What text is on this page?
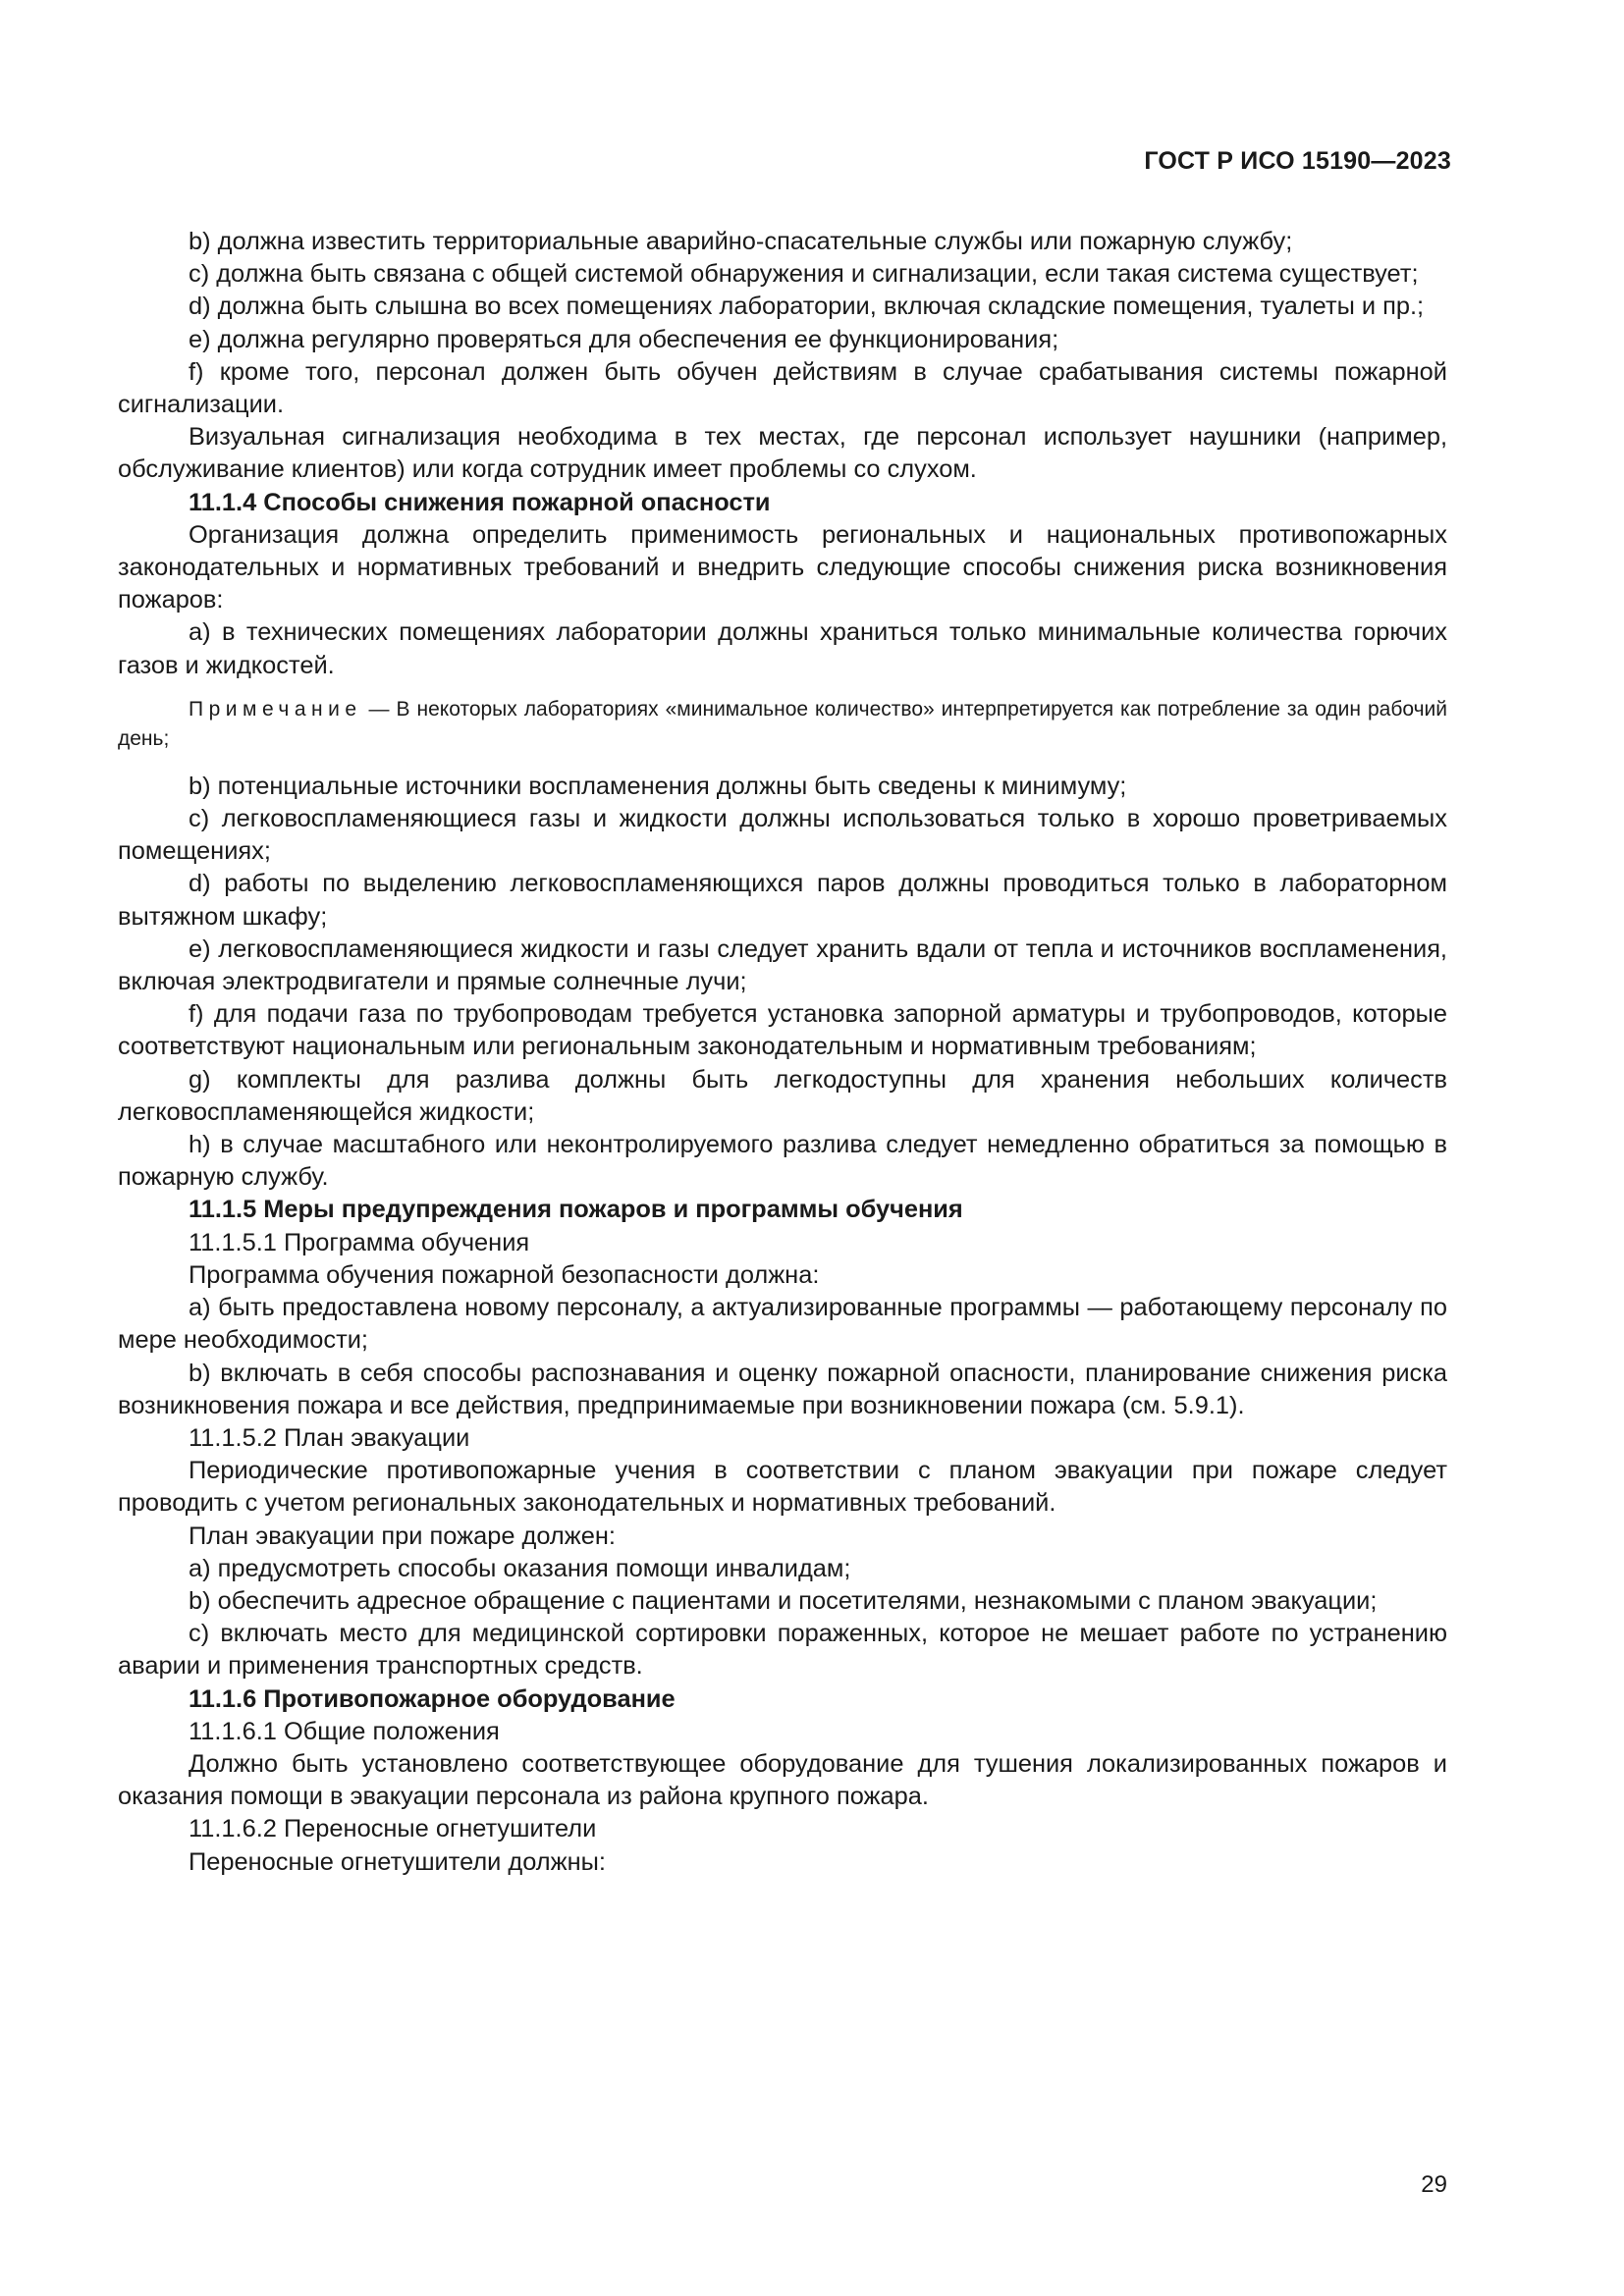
ГОСТ Р ИСО 15190—2023

b) должна известить территориальные аварийно-спасательные службы или пожарную службу;

c) должна быть связана с общей системой обнаружения и сигнализации, если такая система существует;

d) должна быть слышна во всех помещениях лаборатории, включая складские помещения, туалеты и пр.;

e) должна регулярно проверяться для обеспечения ее функционирования;

f) кроме того, персонал должен быть обучен действиям в случае срабатывания системы пожарной сигнализации.

Визуальная сигнализация необходима в тех местах, где персонал использует наушники (например, обслуживание клиентов) или когда сотрудник имеет проблемы со слухом.

11.1.4 Способы снижения пожарной опасности

Организация должна определить применимость региональных и национальных противопожарных законодательных и нормативных требований и внедрить следующие способы снижения риска возникновения пожаров:

a) в технических помещениях лаборатории должны храниться только минимальные количества горючих газов и жидкостей.

Примечание — В некоторых лабораториях «минимальное количество» интерпретируется как потребление за один рабочий день;

b) потенциальные источники воспламенения должны быть сведены к минимуму;

c) легковоспламеняющиеся газы и жидкости должны использоваться только в хорошо проветриваемых помещениях;

d) работы по выделению легковоспламеняющихся паров должны проводиться только в лабораторном вытяжном шкафу;

e) легковоспламеняющиеся жидкости и газы следует хранить вдали от тепла и источников воспламенения, включая электродвигатели и прямые солнечные лучи;

f) для подачи газа по трубопроводам требуется установка запорной арматуры и трубопроводов, которые соответствуют национальным или региональным законодательным и нормативным требованиям;

g) комплекты для разлива должны быть легкодоступны для хранения небольших количеств легковоспламеняющейся жидкости;

h) в случае масштабного или неконтролируемого разлива следует немедленно обратиться за помощью в пожарную службу.

11.1.5 Меры предупреждения пожаров и программы обучения

11.1.5.1 Программа обучения

Программа обучения пожарной безопасности должна:

a) быть предоставлена новому персоналу, а актуализированные программы — работающему персоналу по мере необходимости;

b) включать в себя способы распознавания и оценку пожарной опасности, планирование снижения риска возникновения пожара и все действия, предпринимаемые при возникновении пожара (см. 5.9.1).

11.1.5.2 План эвакуации

Периодические противопожарные учения в соответствии с планом эвакуации при пожаре следует проводить с учетом региональных законодательных и нормативных требований.

План эвакуации при пожаре должен:

a) предусмотреть способы оказания помощи инвалидам;

b) обеспечить адресное обращение с пациентами и посетителями, незнакомыми с планом эвакуации;

c) включать место для медицинской сортировки пораженных, которое не мешает работе по устранению аварии и применения транспортных средств.

11.1.6 Противопожарное оборудование

11.1.6.1 Общие положения

Должно быть установлено соответствующее оборудование для тушения локализированных пожаров и оказания помощи в эвакуации персонала из района крупного пожара.

11.1.6.2 Переносные огнетушители

Переносные огнетушители должны:

29
